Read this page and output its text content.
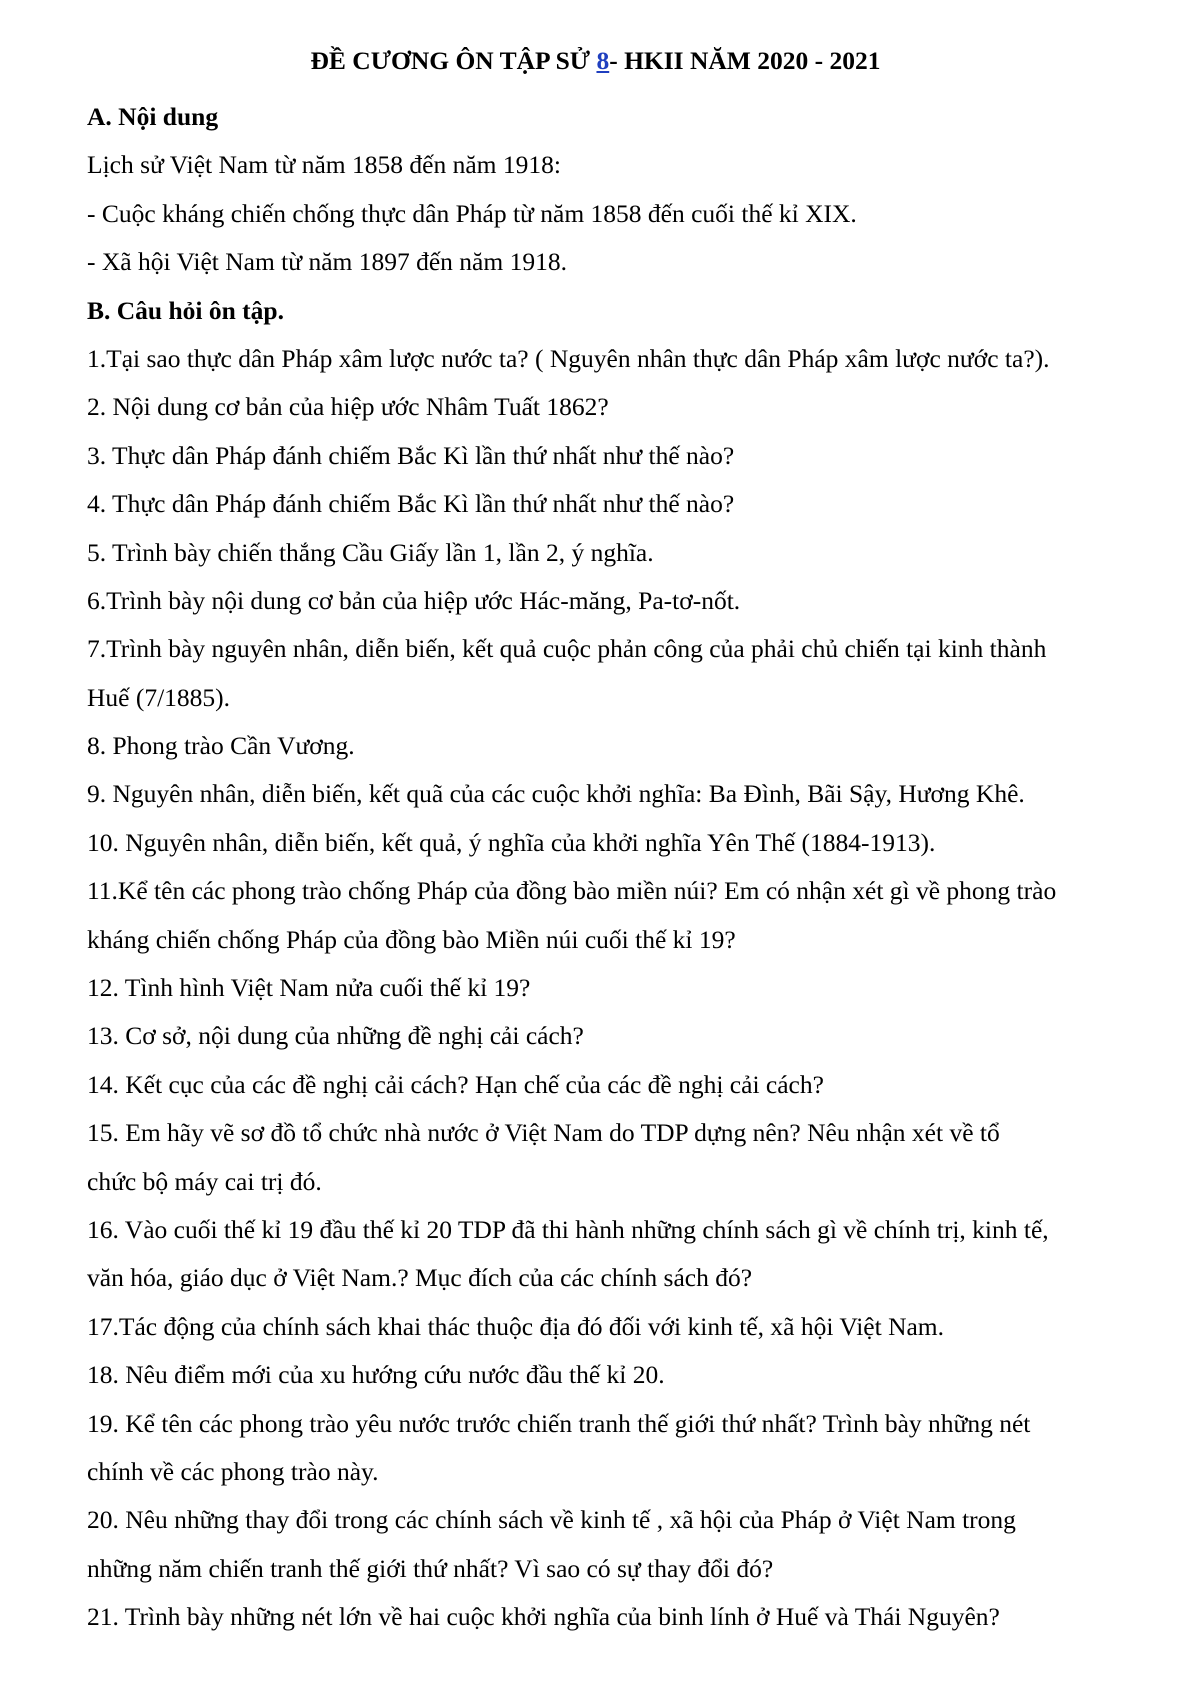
ĐỀ CƯƠNG ÔN TẬP SỬ 8- HKII NĂM 2020 - 2021
A. Nội dung
Lịch sử Việt Nam từ năm 1858 đến năm 1918:
- Cuộc kháng chiến chống thực dân Pháp từ năm 1858 đến cuối thế kỉ XIX.
- Xã hội Việt Nam từ năm 1897 đến năm 1918.
B. Câu hỏi ôn tập.
1.Tại sao thực dân Pháp xâm lược nước ta? ( Nguyên nhân thực dân Pháp xâm lược nước ta?).
2. Nội dung cơ bản của hiệp ước Nhâm Tuất 1862?
3. Thực dân Pháp đánh chiếm Bắc Kì lần thứ nhất như thế nào?
4. Thực dân Pháp đánh chiếm Bắc Kì lần thứ nhất như thế nào?
5. Trình bày chiến thắng Cầu Giấy lần 1, lần 2, ý nghĩa.
6.Trình bày nội dung cơ bản của hiệp ước Hác-măng, Pa-tơ-nốt.
7.Trình bày nguyên nhân, diễn biến, kết quả cuộc phản công của phải chủ chiến tại kinh thành
Huế (7/1885).
8. Phong trào Cần Vương.
9. Nguyên nhân, diễn biến, kết quã của các cuộc khởi nghĩa: Ba Đình, Bãi Sậy, Hương Khê.
10. Nguyên nhân, diễn biến, kết quả, ý nghĩa của khởi nghĩa Yên Thế (1884-1913).
11.Kể tên các phong trào chống Pháp của đồng bào miền núi? Em có nhận xét gì về phong trào
kháng chiến chống Pháp của đồng bào Miền núi cuối thế kỉ 19?
12. Tình hình Việt Nam nửa cuối thế kỉ 19?
13. Cơ sở, nội dung của những đề nghị cải cách?
14. Kết cục của các đề nghị cải cách? Hạn chế của các đề nghị cải cách?
15. Em hãy vẽ sơ đồ tổ chức nhà nước ở Việt Nam do TDP dựng nên? Nêu nhận xét về tổ
chức bộ máy cai trị đó.
16. Vào cuối thế kỉ 19 đầu thế kỉ 20 TDP đã thi hành những chính sách gì về chính trị, kinh tế,
văn hóa, giáo dục ở Việt Nam.? Mục đích của các chính sách đó?
17.Tác động của chính sách khai thác thuộc địa đó đối với kinh tế, xã hội Việt Nam.
18. Nêu điểm mới của xu hướng cứu nước đầu thế kỉ 20.
19. Kể tên các phong trào yêu nước trước chiến tranh thế giới thứ nhất? Trình bày những nét
chính về các phong trào này.
20. Nêu những thay đổi trong các chính sách về kinh tế , xã hội của Pháp ở Việt Nam trong
những năm chiến tranh thế giới thứ nhất? Vì sao có sự thay đổi đó?
21. Trình bày những nét lớn về hai cuộc khởi nghĩa của binh lính ở Huế và Thái Nguyên?
